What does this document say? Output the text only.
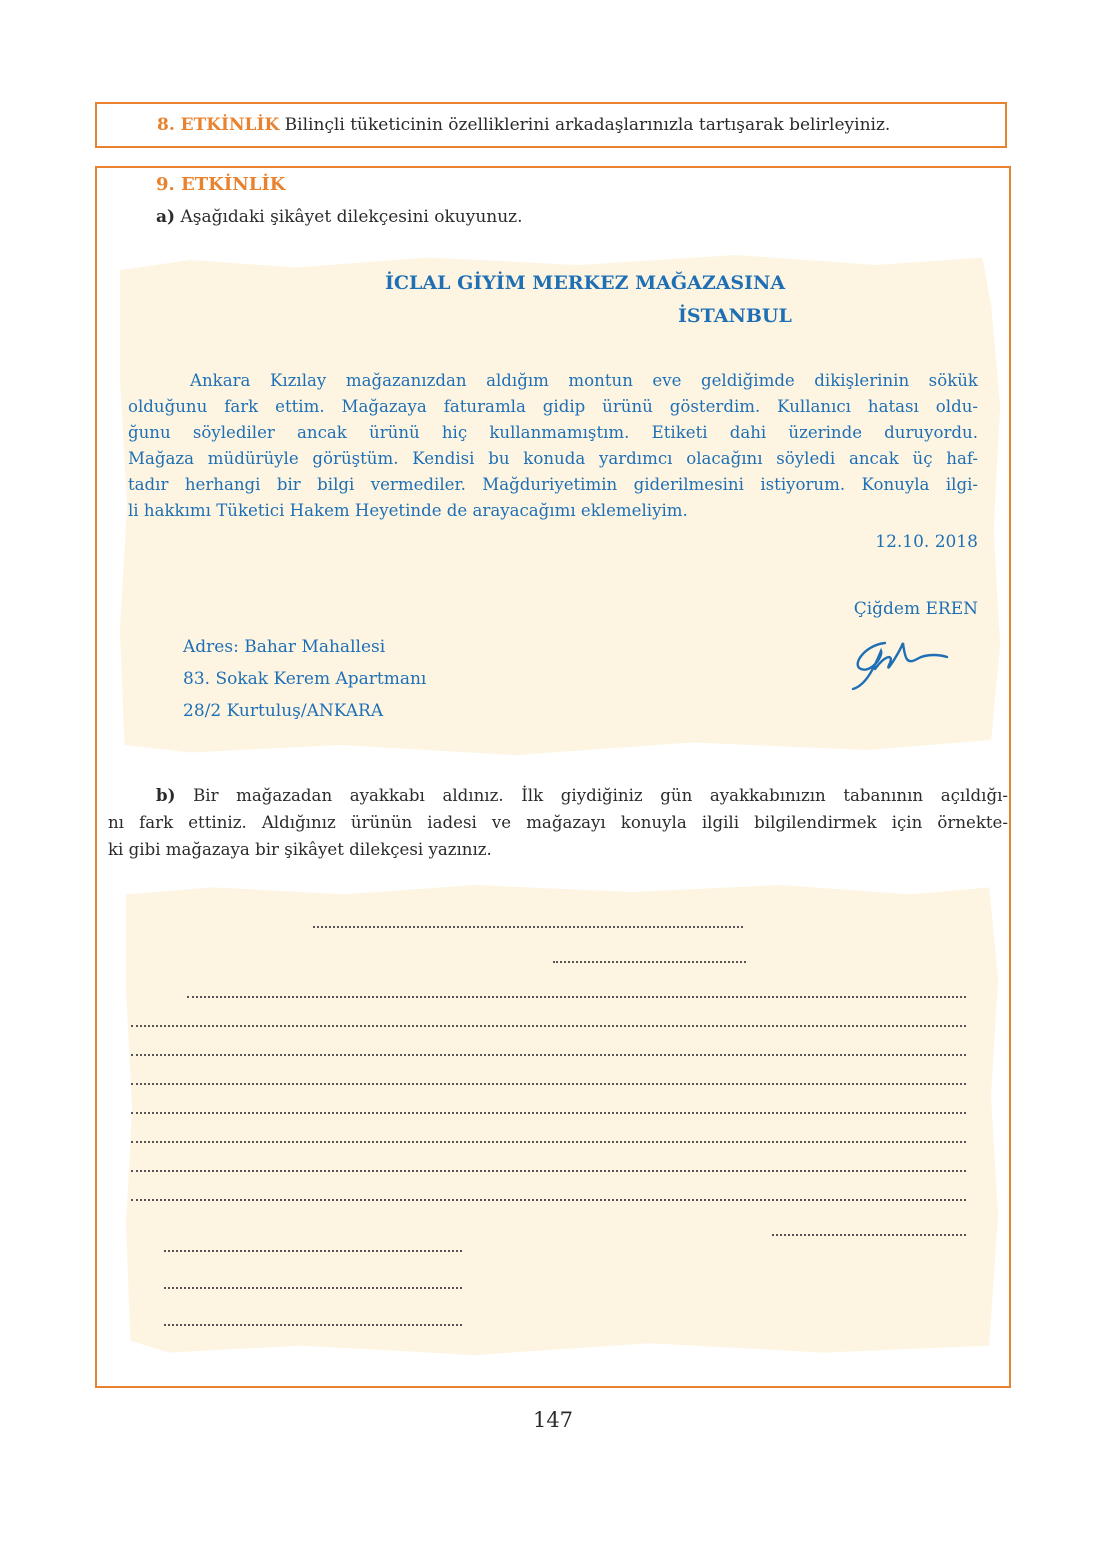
8. ETKİNLİK Bilinçli tüketicinin özelliklerini arkadaşlarınızla tartışarak belirleyiniz.
9. ETKİNLİK
a) Aşağıdaki şikâyet dilekçesini okuyunuz.
İCLAL GİYİM MERKEZ MAĞAZASINA
İSTANBUL
Ankara Kızılay mağazanızdan aldığım montun eve geldiğimde dikişlerinin sökük
olduğunu fark ettim. Mağazaya faturamla gidip ürünü gösterdim. Kullanıcı hatası oldu-
ğunu söylediler ancak ürünü hiç kullanmamıştım. Etiketi dahi üzerinde duruyordu.
Mağaza müdürüyle görüştüm. Kendisi bu konuda yardımcı olacağını söyledi ancak üç haf-
tadır herhangi bir bilgi vermediler. Mağduriyetimin giderilmesini istiyorum. Konuyla ilgi-
li hakkımı Tüketici Hakem Heyetinde de arayacağımı eklemeliyim.
12.10. 2018
Çiğdem EREN
Adres: Bahar Mahallesi
83. Sokak Kerem Apartmanı
28/2 Kurtuluş/ANKARA
b) Bir mağazadan ayakkabı aldınız. İlk giydiğiniz gün ayakkabınızın tabanının açıldığı-
nı fark ettiniz. Aldığınız ürünün iadesi ve mağazayı konuyla ilgili bilgilendirmek için örnekte-
ki gibi mağazaya bir şikâyet dilekçesi yazınız.
147
